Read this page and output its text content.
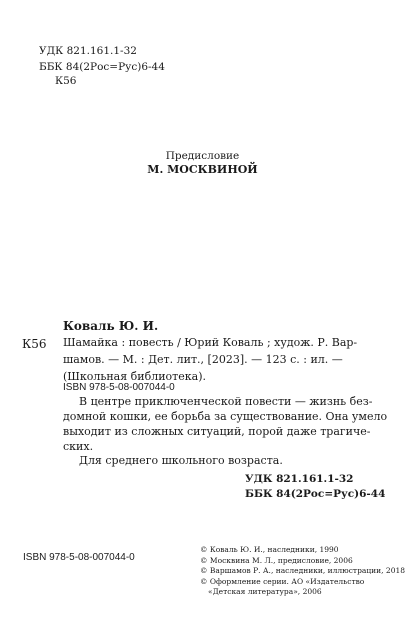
УДК 821.161.1-32
ББК 84(2Рос=Рус)6-44
К56
Предисловие
М. МОСКВИНОЙ
Коваль Ю. И.
К56 Шамайка : повесть / Юрий Коваль ; худож. Р. Вар-
шамов. — М. : Дет. лит., [2023]. — 123 с. : ил. —
(Школьная библиотека).
ISBN 978-5-08-007044-0
В центре приключенческой повести — жизнь без-
домной кошки, ее борьба за существование. Она умело
выходит из сложных ситуаций, порой даже трагиче-
ских.
Для среднего школьного возраста.
УДК 821.161.1-32
ББК 84(2Рос=Рус)6-44
© Коваль Ю. И., наследники, 1990
© Москвина М. Л., предисловие, 2006
© Варшамов Р. А., наследники, иллюстрации, 2018
© Оформление серии. АО «Издательство
«Детская литература», 2006
ISBN 978-5-08-007044-0
